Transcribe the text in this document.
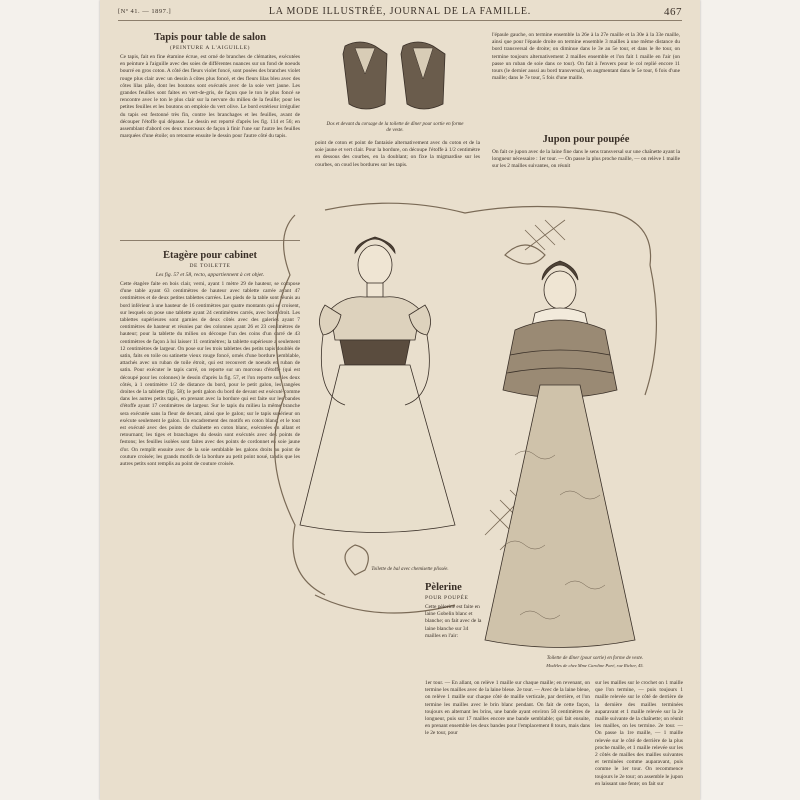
[Nº 41. — 1897.]	LA MODE ILLUSTRÉE, JOURNAL DE LA FAMILLE.	467
Tapis pour table de salon
(PEINTURE A L'AIGUILLE)

Ce tapis, fait en fine étamine écrue, est orné de branches de clématites, exécutées en peinture à l'aiguille avec des soies de différentes nuances sur un fond de noeuds bourré en gros coton. A côté des fleurs violet foncé, sont posées des branches violet rouge plus clair avec un dessin à côtes plus foncé, et des fleurs lilas bleu avec des côtes lilas pâle, dont les boutons sont exécutés avec de la soie vert jaune. Les grandes feuilles sont faites en vert-de-gris, de façon que le ton le plus foncé se rencontre avec le ton le plus clair sur la nervure du milieu de la feuille; pour les petites feuilles et les boutons on emploie du vert olive. Le bord extérieur irrégulier du tapis est festonné très fin, contre les branchages et les feuilles, avant de découper l'étoffe qui dépasse. Le dessin est reporté d'après les fig. 114 et 56; en assemblant d'abord ces deux morceaux de façon à finir l'une sur l'autre les feuilles marquées d'une étoile; on retourne ensuite le dessin pour l'autre côté du tapis.

Étagère pour cabinet
DE TOILETTE
Les fig. 57 et 58, recto, appartiennent à cet objet.

Cette étagère faite en bois clair, verni, ayant 1 mètre 29 de hauteur, se compose d'une table ayant 63 centimètres de hauteur avec tablette carrée ayant 47 centimètres et de deux petites tablettes carrées. Les pieds de la table sont réunis au bord inférieur à une hauteur de 16 centimètres par quatre montants qui se croisent, sur lesquels on pose une tablette ayant 24 centimètres carrés, avec bord droit. Les tablettes supérieures sont garnies de deux côtés avec des galeries ayant 7 centimètres de hauteur et réunies par des colonnes ayant 26 et 23 centimètres de hauteur; pour la tablette du milieu on découpe l'un des coins d'un carré de 43 centimètres de façon à lui laisser 11 centimètres; la tablette supérieure a seulement 12 centimètres de largeur. On pose sur les trois tablettes des petits tapis doublés de satin, faits en toile ou satinette vieux rouge foncé, ornés d'une bordure semblable, attachés avec un ruban de toile étroit, qui est recouvert de noeuds en ruban de satin. Pour exécuter le tapis carré, on reporte sur un morceau d'étoffe (qui est découpé pour les colonnes) le dessin d'après la fig. 57, et l'on reporte sur les deux côtés, à 1 centimètre 1/2 de distance du bord, pour le petit galon, les rangées droites de la tablette (fig. 58); le petit galon du bord de devant est exécuté comme dans les autres petits tapis, en prenant avec la bordure qui est faite sur les bandes d'étoffe ayant 17 centimètres de largeur. Sur le tapis du milieu la même branche sera exécutée sans la fleur de devant, ainsi que le galon; sur le tapis supérieur on exécute seulement le galon. Un encadrement des motifs en coton blanc, et le tout est exécuté avec des points de chaînette en coton blanc, exécutées en allant et retournant; les tiges et branchages du dessin sont exécutés avec des points de festons; les feuilles isolées sont faites avec des points de cordonnet en soie jaune d'or. On remplit ensuite avec de la soie semblable les galons droits au point de couture croisée; les grands motifs de la bordure au petit point noué, tandis que les autres petits sont remplis au point de couture croisée.

Dos et devant du corsage de la toilette de dîner pour sortie en forme de veste.

point de coton et point de fantaisie alternativement avec du coton et de la soie jaune et vert clair. Pour la bordure, on découpe l'étoffe à 1/2 centimètre en dessous des courbes, en la doublant; on fixe la migmardise sur les courbes, on coud les bordures sur les tapis.

l'épaule gauche, on termine ensemble la 26e à la 27e maille et la 30e à la 33e maille, ainsi que pour l'épaule droite on termine ensemble 3 mailles à une même distance du bord transversal de droite; on diminue dans le 3e au 5e tour, et dans le 8e tour, on termine toujours alternativement 2 mailles ensemble et l'on fait 1 maille en l'air (on passe un ruban de soie dans ce tour). On fait à l'envers pour le col replié encore 11 tours (le dernier aussi au bord transversal), en augmentant dans le 5e tour, 6 fois d'une maille; dans le 7e tour, 5 fois d'une maille.

Jupon pour poupée

On fait ce jupon avec de la laine fine dans le sens transversal sur une chaînette ayant la longueur nécessaire : 1er tour. — On passe la plus proche maille, — on relève 1 maille sur les 2 mailles suivantes, on réunit

Toilette de bal avec chemisette plissée.
Toilette de dîner (pour sortie) en forme de veste.
Modèles de chez Mme Caroline Paré, rue Richer, 45.
Pèlerine
POUR POUPÉE

Cette pèlerine est faite en laine Gobelin blanc et blanche; on fait avec de la laine blanche sur 34 mailles en l'air:

1er tour. — En allant, on relève 1 maille sur chaque maille; en revenant, on termine les mailles avec de la laine bleue. 2e tour. — Avec de la laine bleue, on relève 1 maille sur chaque côté de maille verticale, par derrière, et l'on termine les mailles avec le brin blanc pendant. On fait de cette façon, toujours en alternant les brins, une bande ayant environ 50 centimètres de longueur, puis sur 17 mailles encore une bande semblable; qui fait ensuite, en prenant ensemble les deux bandes pour l'emplacement 8 tours, mais dans le 2e tour, pour

sur les mailles sur le crochet on 1 maille que l'on termine, — puis toujours 1 maille relevée sur le côté de derrière de la dernière des mailles terminées auparavant et 1 maille relevée sur la 2e maille suivante de la chaînette; on réunit les mailles, on les termine. 2e tour. — On passe la 1re maille, — 1 maille relevée sur le côté de derrière de la plus proche maille, et 1 maille relevée sur les 2 côtés de mailles des mailles suivantes et terminées comme auparavant, puis comme le 1er tour. On recommence toujours le 2e tour; on assemble le jupon en laissant une fente; on fait sur
